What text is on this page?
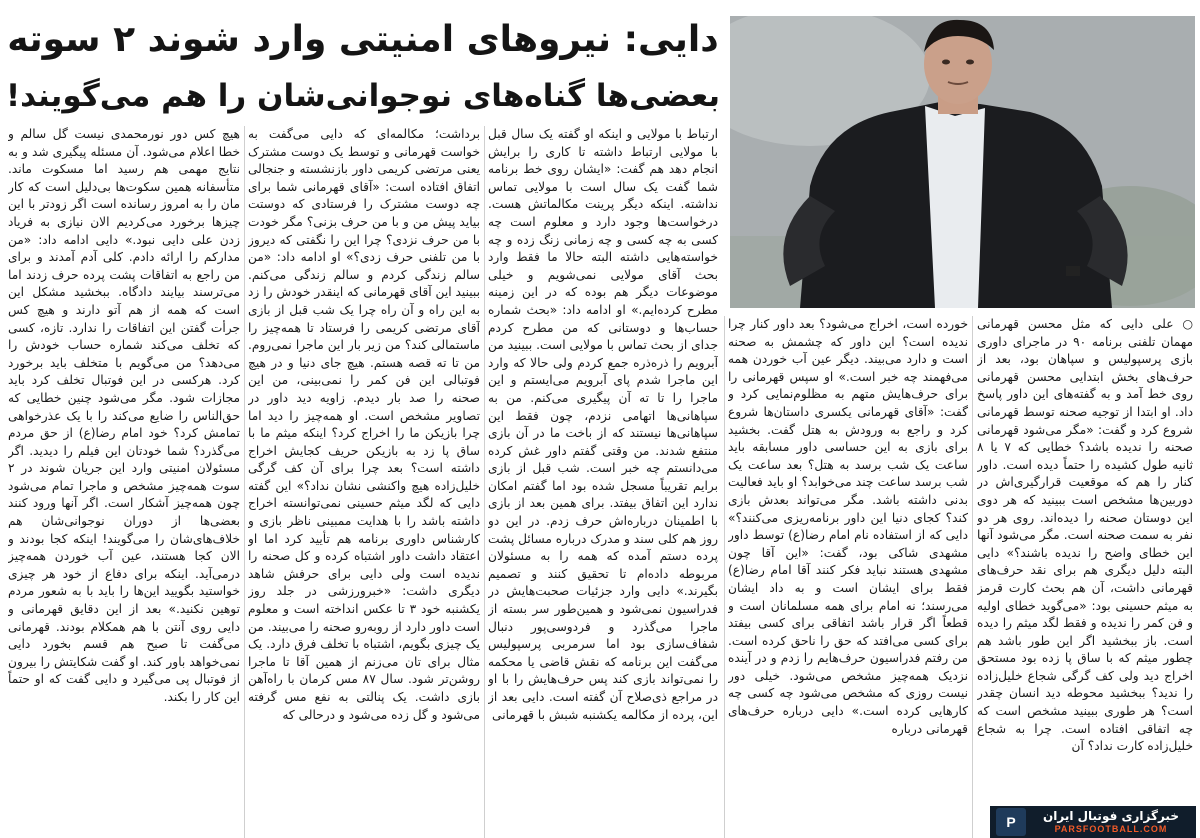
دایی: نیروهای امنیتی وارد شوند ۲ سوته
بعضی‌ها گناه‌های نوجوانی‌شان را هم می‌گویند!

○ علی دایی که مثل محسن قهرمانی مهمان تلفنی برنامه ۹۰ در ماجرای داوری بازی پرسپولیس و سپاهان بود، بعد از حرف‌های بخش ابتدایی محسن قهرمانی روی خط آمد و به گفته‌های این داور پاسخ داد. او ابتدا از توجیه صحنه توسط قهرمانی شروع کرد و گفت: «مگر می‌شود قهرمانی صحنه را ندیده باشد؟ خطایی که ۷ یا ۸ ثانیه طول کشیده را حتماً دیده است. داور کنار را هم که موقعیت قرارگیری‌اش در دوربین‌ها مشخص است ببینید که هر دوی این دوستان صحنه را دیده‌اند. روی هر دو نفر به سمت صحنه است. مگر می‌شود آنها این خطای واضح را ندیده باشند؟» دایی البته دلیل دیگری هم برای نقد حرف‌های قهرمانی داشت، آن هم بحث کارت قرمز به میثم حسینی بود: «می‌گوید خطای اولیه و فن کمر را ندیده و فقط لگد میثم را دیده است. باز ببخشید اگر این طور باشد هم چطور میثم که با ساق پا زده بود مستحق اخراج دید ولی کف گرگی شجاع خلیل‌زاده را ندید؟ ببخشید محوطه دید انسان چقدر است؟ هر طوری ببینید مشخص است که چه اتفاقی افتاده است. چرا به شجاع خلیل‌زاده کارت نداد؟ آن

خورده است، اخراج می‌شود؟ بعد داور کنار چرا ندیده است؟ این داور که چشمش به صحنه است و دارد می‌بیند. دیگر عین آب خوردن همه می‌فهمند چه خبر است.» او سپس قهرمانی را برای حرف‌هایش متهم به مظلوم‌نمایی کرد و گفت: «آقای قهرمانی یکسری داستان‌ها شروع کرد و راجع به ورودش به هتل گفت. بخشید برای بازی به این حساسی داور مسابقه باید ساعت یک شب برسد به هتل؟ بعد ساعت یک شب برسد ساعت چند می‌خوابد؟ او باید فعالیت بدنی داشته باشد. مگر می‌تواند بعدش بازی کند؟ کجای دنیا این داور برنامه‌ریزی می‌کنند؟» دایی که از استفاده نام امام رضا(ع) توسط داور مشهدی شاکی بود، گفت: «این آقا چون مشهدی هستند نباید فکر کنند آقا امام رضا(ع) فقط برای ایشان است و به داد ایشان می‌رسند؛ نه امام برای همه مسلمانان است و قطعاً اگر قرار باشد اتفاقی برای کسی بیفتد برای کسی می‌افتد که حق را ناحق کرده است. من رفتم فدراسیون حرف‌هایم را زدم و در آینده نزدیک همه‌چیز مشخص می‌شود. خیلی دور نیست روزی که مشخص می‌شود چه کسی چه کارهایی کرده است.» دایی درباره حرف‌های قهرمانی درباره

ارتباط با مولایی و اینکه او گفته یک سال قبل با مولایی ارتباط داشته تا کاری را برایش انجام دهد هم گفت: «ایشان روی خط برنامه شما گفت یک سال است با مولایی تماس نداشته. اینکه دیگر پرینت مکالماتش هست. درخواست‌ها وجود دارد و معلوم است چه کسی به چه کسی و چه زمانی زنگ زده و چه خواسته‌هایی داشته البته حالا ما فقط وارد بحث آقای مولایی نمی‌شویم و خیلی موضوعات دیگر هم بوده که در این زمینه مطرح کرده‌ایم.» او ادامه داد: «بحث شماره حساب‌ها و دوستانی که من مطرح کردم جدای از بحث تماس با مولایی است. ببینید من آبرویم را ذره‌ذره جمع کردم ولی حالا که وارد این ماجرا شدم پای آبرویم می‌ایستم و این ماجرا را تا ته آن پیگیری می‌کنم. من به سپاهانی‌ها اتهامی نزدم، چون فقط این سپاهانی‌ها نیستند که از باخت ما در آن بازی منتفع شدند. من وقتی گفتم داور غش کرده می‌دانستم چه خبر است. شب قبل از بازی برایم تقریباً مسجل شده بود اما گفتم امکان ندارد این اتفاق بیفتد. برای همین بعد از بازی با اطمینان درباره‌اش حرف زدم. در این دو روز هم کلی سند و مدرک درباره مسائل پشت پرده دستم آمده که همه را به مسئولان مربوطه داده‌ام تا تحقیق کنند و تصمیم بگیرند.» دایی وارد جزئیات صحبت‌هایش در فدراسیون نمی‌شود و همین‌طور سر بسته از ماجرا می‌گذرد و فردوسی‌پور دنبال شفاف‌سازی بود اما سرمربی پرسپولیس می‌گفت این برنامه که نقش قاضی یا محکمه را نمی‌تواند بازی کند پس حرف‌هایش را با او در مراجع ذی‌صلاح آن گفته است. دایی بعد از این، پرده از مکالمه یکشنبه شبش با قهرمانی

برداشت؛ مکالمه‌ای که دایی می‌گفت به خواست قهرمانی و توسط یک دوست مشترک یعنی مرتضی کریمی داور بازنشسته و جنجالی اتفاق افتاده است: «آقای قهرمانی شما برای چه دوست مشترک را فرستادی که دوستت بیاید پیش من و با من حرف بزنی؟ مگر خودت با من حرف نزدی؟ چرا این را نگفتی که دیروز با من تلفنی حرف زدی؟» او ادامه داد: «من سالم زندگی کردم و سالم زندگی می‌کنم. ببینید این آقای قهرمانی که اینقدر خودش را زد به این راه و آن راه چرا یک شب قبل از بازی آقای مرتضی کریمی را فرستاد تا همه‌چیز را ماستمالی کند؟ من زیر بار این ماجرا نمی‌روم. من تا ته قصه هستم. هیچ جای دنیا و در هیچ فوتبالی این فن کمر را نمی‌بینی، من این صحنه را صد بار دیدم. زاویه دید داور در تصاویر مشخص است. او همه‌چیز را دید اما چرا بازیکن ما را اخراج کرد؟ اینکه میثم ما با ساق پا زد به بازیکن حریف کجایش اخراج داشته است؟ بعد چرا برای آن کف گرگی خلیل‌زاده هیچ واکنشی نشان نداد؟» این گفته دایی که لگد میثم حسینی نمی‌توانسته اخراج داشته باشد را با هدایت ممبینی ناظر بازی و کارشناس داوری برنامه هم تأیید کرد اما او اعتقاد داشت داور اشتباه کرده و کل صحنه را ندیده است ولی دایی برای حرفش شاهد دیگری داشت: «خبرورزشی در جلد روز یکشنبه خود ۳ تا عکس انداخته است و معلوم است داور دارد از روبه‌رو صحنه را می‌بیند. من یک چیزی بگویم، اشتباه با تخلف فرق دارد. یک مثال برای تان می‌زنم از همین آقا تا ماجرا روشن‌تر شود. سال ۸۷ مس کرمان با راه‌آهن بازی داشت. یک پنالتی به نفع مس گرفته می‌شود و گل زده می‌شود و درحالی که

هیچ کس دور نورمحمدی نیست گل سالم و خطا اعلام می‌شود. آن مسئله پیگیری شد و به نتایج مهمی هم رسید اما مسکوت ماند. متأسفانه همین سکوت‌ها بی‌دلیل است که کار مان را به امروز رسانده است اگر زودتر با این چیزها برخورد می‌کردیم الان نیازی به فریاد زدن علی دایی نبود.» دایی ادامه داد: «من مدارکم را ارائه دادم. کلی آدم آمدند و برای من راجع به اتفاقات پشت پرده حرف زدند اما می‌ترسند بیایند دادگاه. ببخشید مشکل این است که همه از هم آتو دارند و هیچ کس جرأت گفتن این اتفاقات را ندارد. تازه، کسی که تخلف می‌کند شماره حساب خودش را می‌دهد؟ من می‌گویم با متخلف باید برخورد کرد. هرکسی در این فوتبال تخلف کرد باید مجازات شود. مگر می‌شود چنین خطایی که حق‌الناس را ضایع می‌کند را با یک عذرخواهی تمامش کرد؟ خود امام رضا(ع) از حق مردم می‌گذرد؟ شما خودتان این فیلم را دیدید. اگر مسئولان امنیتی وارد این جریان شوند در ۲ سوت همه‌چیز مشخص و ماجرا تمام می‌شود چون همه‌چیز آشکار است. اگر آنها ورود کنند بعضی‌ها از دوران نوجوانی‌شان هم خلاف‌های‌شان را می‌گویند! اینکه کجا بودند و الان کجا هستند، عین آب خوردن همه‌چیز درمی‌آید. اینکه برای دفاع از خود هر چیزی خواستید بگویید این‌ها را باید با به شعور مردم توهین نکنید.» بعد از این دقایق قهرمانی و دایی روی آنتن با هم همکلام بودند. قهرمانی می‌گفت تا صبح هم قسم بخورد دایی نمی‌خواهد باور کند. او گفت شکایتش را بیرون از فوتبال پی می‌گیرد و دایی گفت که او حتماً این کار را بکند.

خبرگزاری فوتبال ایران
PARSFOOTBALL.COM
P
